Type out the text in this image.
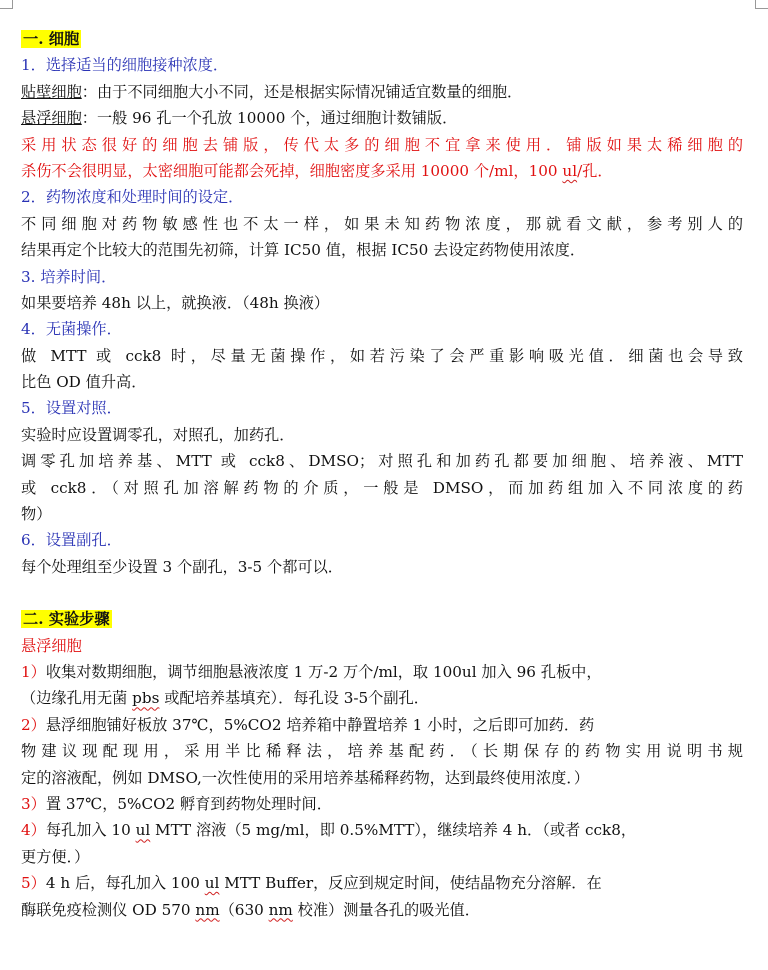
一. 细胞
1．选择适当的细胞接种浓度．
贴壁细胞：由于不同细胞大小不同，还是根据实际情况铺适宜数量的细胞．
悬浮细胞：一般 96 孔一个孔放 10000 个，通过细胞计数铺版．
采用状态很好的细胞去铺版，传代太多的细胞不宜拿来使用．铺版如果太稀细胞的
杀伤不会很明显，太密细胞可能都会死掉，细胞密度多采用 10000 个/ml，100 ul/孔．
2．药物浓度和处理时间的设定．
不同细胞对药物敏感性也不太一样，如果未知药物浓度，那就看文献，参考别人的
结果再定个比较大的范围先初筛，计算 IC50 值，根据 IC50 去设定药物使用浓度．
3. 培养时间．
如果要培养 48h 以上，就换液．（48h 换液）
4．无菌操作．
做 MTT 或 cck8 时，尽量无菌操作，如若污染了会严重影响吸光值．细菌也会导致
比色 OD 值升高．
5．设置对照．
实验时应设置调零孔，对照孔，加药孔．
调零孔加培养基、MTT 或 cck8、DMSO；对照孔和加药孔都要加细胞、培养液、MTT
或 cck8．（对照孔加溶解药物的介质，一般是 DMSO，而加药组加入不同浓度的药
物）
6．设置副孔．
每个处理组至少设置 3 个副孔，3-5 个都可以．
二. 实验步骤
悬浮细胞
1）收集对数期细胞，调节细胞悬液浓度 1 万-2 万个/ml，取 100ul 加入 96 孔板中，
（边缘孔用无菌 pbs 或配培养基填充）．每孔设 3-5个副孔．
2）悬浮细胞铺好板放 37℃，5%CO2 培养箱中静置培养 1 小时，之后即可加药．药
物建议现配现用，采用半比稀释法，培养基配药．（长期保存的药物实用说明书规
定的溶液配，例如 DMSO,一次性使用的采用培养基稀释药物，达到最终使用浓度．）
3）置 37℃，5%CO2 孵育到药物处理时间．
4）每孔加入 10 ul MTT 溶液（5 mg/ml，即 0.5%MTT），继续培养 4 h．（或者 cck8，
更方便．）
5）4 h 后，每孔加入 100 ul MTT Buffer，反应到规定时间，使结晶物充分溶解．在
酶联免疫检测仪 OD 570 nm（630 nm 校准）测量各孔的吸光值．
